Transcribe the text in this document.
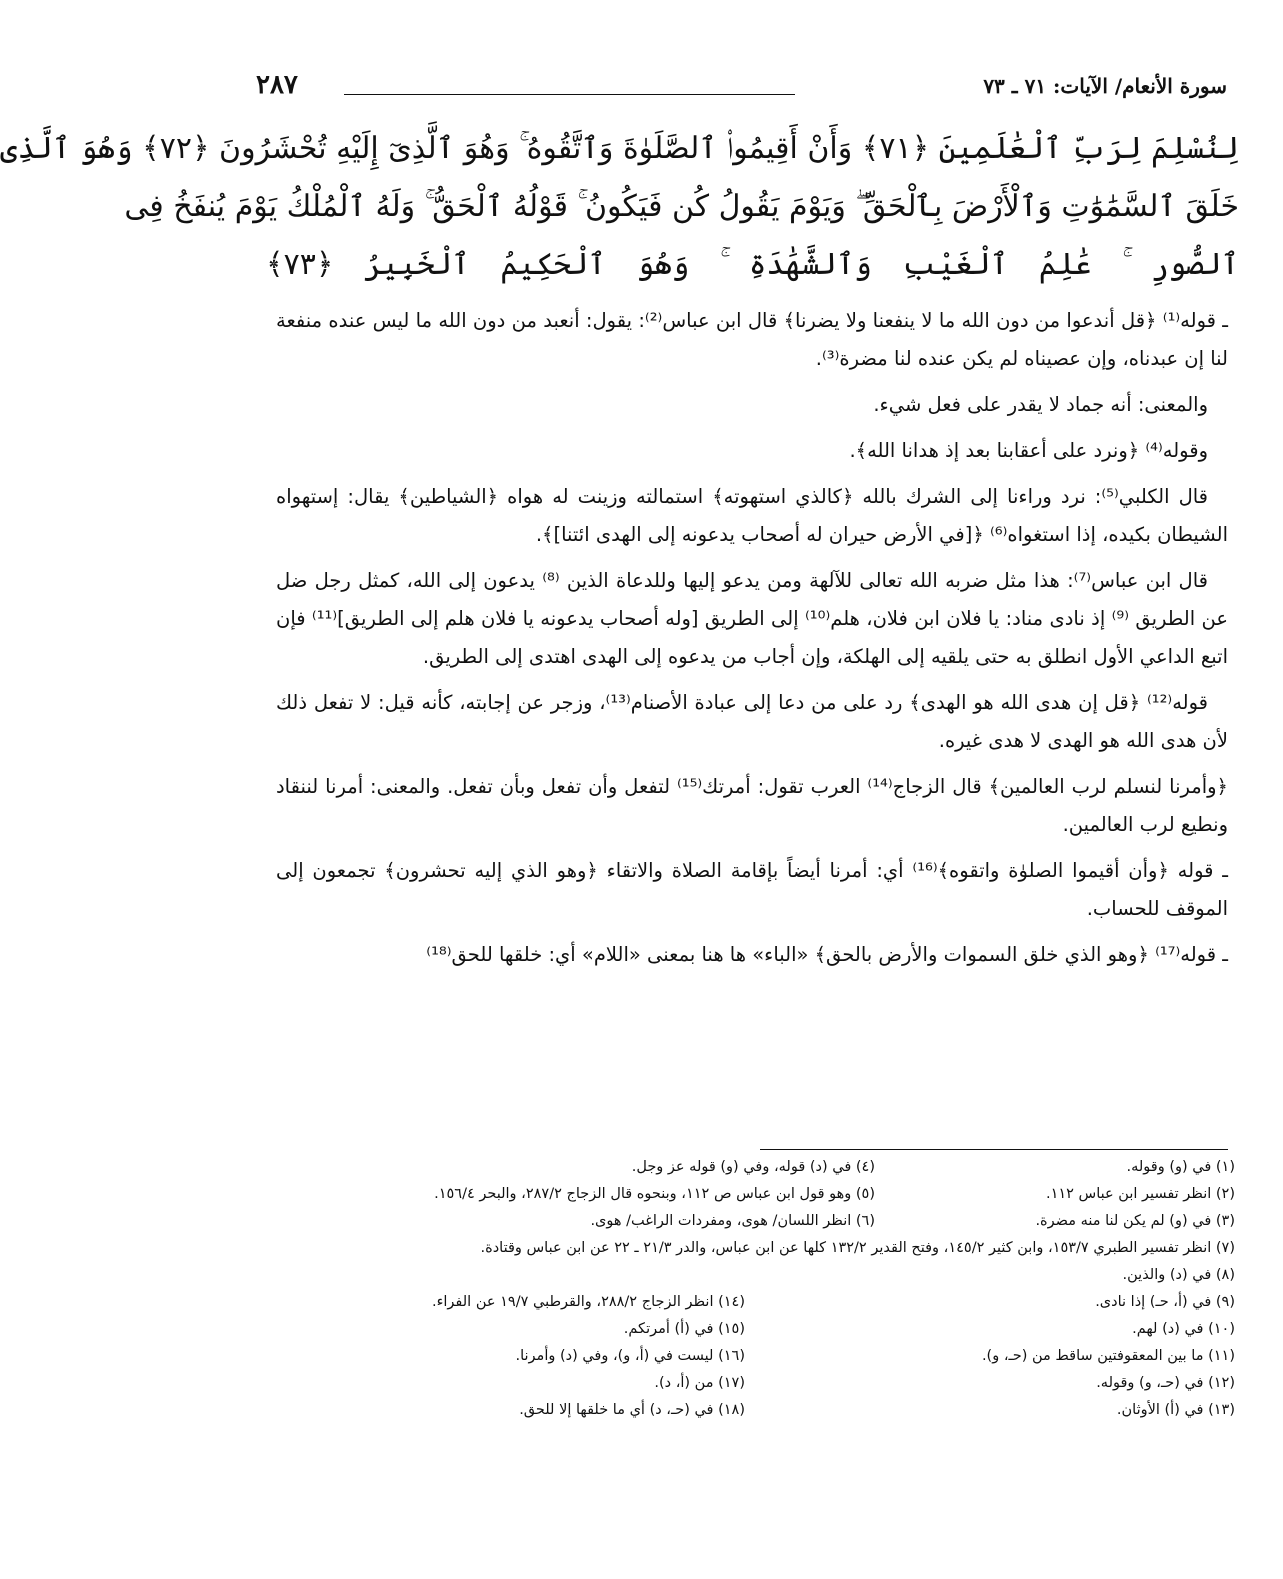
سورة الأنعام/ الآيات: ٧١ ـ ٧٣
٢٨٧
لِنُسْلِمَ لِرَبِّ ٱلْعَٰلَمِينَ ﴿٧١﴾ وَأَنْ أَقِيمُوا۟ ٱلصَّلَوٰةَ وَٱتَّقُوهُ ۚ وَهُوَ ٱلَّذِىٓ إِلَيْهِ تُحْشَرُونَ ﴿٧٢﴾ وَهُوَ ٱلَّذِى
خَلَقَ ٱلسَّمَٰوَٰتِ وَٱلْأَرْضَ بِٱلْحَقِّ ۖ وَيَوْمَ يَقُولُ كُن فَيَكُونُ ۚ قَوْلُهُ ٱلْحَقُّ ۚ وَلَهُ ٱلْمُلْكُ يَوْمَ يُنفَخُ فِى
ٱلصُّورِ ۚ عَٰلِمُ ٱلْغَيْبِ وَٱلشَّهَٰدَةِ ۚ وَهُوَ ٱلْحَكِيمُ ٱلْخَبِيرُ ﴿٧٣﴾

ـ قوله⁽¹⁾ ﴿قل أندعوا من دون الله ما لا ينفعنا ولا يضرنا﴾ قال ابن عباس⁽²⁾: يقول: أنعبد من دون الله ما ليس عنده منفعة لنا إن عبدناه، وإن عصيناه لم يكن عنده لنا مضرة⁽³⁾.

والمعنى: أنه جماد لا يقدر على فعل شيء.

وقوله⁽⁴⁾ ﴿ونرد على أعقابنا بعد إذ هدانا الله﴾.

قال الكلبي⁽⁵⁾: نرد وراءنا إلى الشرك بالله ﴿كالذي استهوته﴾ استمالته وزينت له هواه ﴿الشياطين﴾ يقال: إستهواه الشيطان بكيده، إذا استغواه⁽⁶⁾ ﴿[في الأرض حيران له أصحاب يدعونه إلى الهدى ائتنا]﴾.

قال ابن عباس⁽⁷⁾: هذا مثل ضربه الله تعالى للآلهة ومن يدعو إليها وللدعاة الذين ⁽⁸⁾ يدعون إلى الله، كمثل رجل ضل عن الطريق ⁽⁹⁾ إذ نادى مناد: يا فلان ابن فلان، هلم⁽¹⁰⁾ إلى الطريق [وله أصحاب يدعونه يا فلان هلم إلى الطريق]⁽¹¹⁾ فإن اتبع الداعي الأول انطلق به حتى يلقيه إلى الهلكة، وإن أجاب من يدعوه إلى الهدى اهتدى إلى الطريق.

قوله⁽¹²⁾ ﴿قل إن هدى الله هو الهدى﴾ رد على من دعا إلى عبادة الأصنام⁽¹³⁾، وزجر عن إجابته، كأنه قيل: لا تفعل ذلك لأن هدى الله هو الهدى لا هدى غيره.

﴿وأمرنا لنسلم لرب العالمين﴾ قال الزجاج⁽¹⁴⁾ العرب تقول: أمرتك⁽¹⁵⁾ لتفعل وأن تفعل وبأن تفعل. والمعنى: أمرنا لننقاد ونطيع لرب العالمين.

ـ قوله ﴿وأن أقيموا الصلوٰة واتقوه﴾⁽¹⁶⁾ أي: أمرنا أيضاً بإقامة الصلاة والاتقاء ﴿وهو الذي إليه تحشرون﴾ تجمعون إلى الموقف للحساب.

ـ قوله⁽¹⁷⁾ ﴿وهو الذي خلق السموات والأرض بالحق﴾ «الباء» ها هنا بمعنى «اللام» أي: خلقها للحق⁽¹⁸⁾

(١) في (و) وقوله.
(٢) انظر تفسير ابن عباس ١١٢.
(٣) في (و) لم يكن لنا منه مضرة.
(٤) في (د) قوله، وفي (و) قوله عز وجل.
(٥) وهو قول ابن عباس ص ١١٢، وبنحوه قال الزجاج ٢٨٧/٢، والبحر ١٥٦/٤.
(٦) انظر اللسان/ هوى، ومفردات الراغب/ هوى.
(٧) انظر تفسير الطبري ١٥٣/٧، وابن كثير ١٤٥/٢، وفتح القدير ١٣٢/٢ كلها عن ابن عباس، والدر ٢١/٣ ـ ٢٢ عن ابن عباس وقتادة.
(٨) في (د) والذين.
(٩) في (أ، حـ) إذا نادى.
(١٠) في (د) لهم.
(١١) ما بين المعقوفتين ساقط من (حـ، و).
(١٢) في (حـ، و) وقوله.
(١٣) في (أ) الأوثان.
(١٤) انظر الزجاج ٢٨٨/٢، والقرطبي ١٩/٧ عن الفراء.
(١٥) في (أ) أمرتكم.
(١٦) ليست في (أ، و)، وفي (د) وأمرنا.
(١٧) من (أ، د).
(١٨) في (حـ، د) أي ما خلقها إلا للحق.
